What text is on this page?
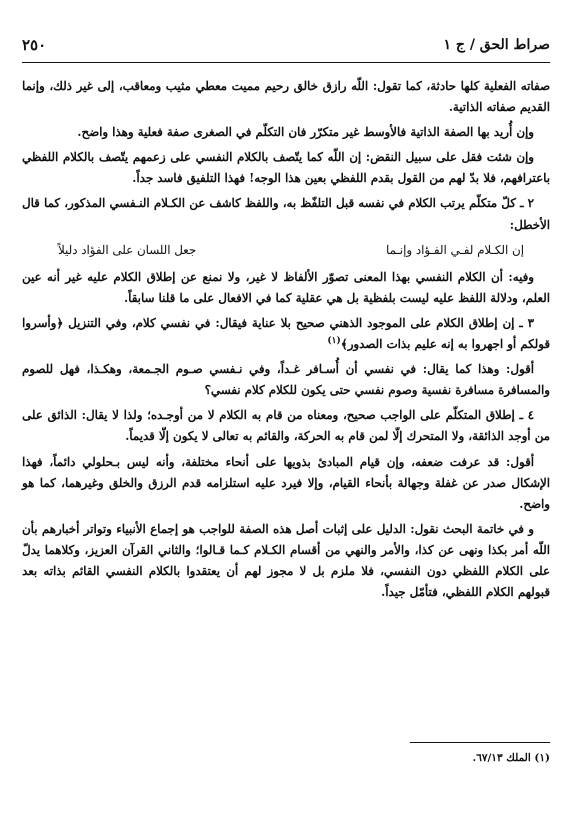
صراط الحق / ج ١
٢٥٠

صفاته الفعلية كلها حادثة، كما تقول: اللّه رازق خالق رحيم مميت معطي مثيب ومعاقب، إلى غير ذلك، وإنما القديم صفاته الذاتية.

وإن أُريد بها الصفة الذاتية فالأوسط غير متكرّر فان التكلّم في الصغرى صفة فعلية وهذا واضح.

وإن شئت فقل على سبيل النقض: إن اللّه كما يتّصف بالكلام النفسي على زعمهم يتّصف بالكلام اللفظي باعترافهم، فلا بدّ لهم من القول بقدم اللفظي بعين هذا الوجه! فهذا التلفيق فاسد جداً.

٢ ـ كلّ متكلّم يرتب الكلام في نفسه قبل التلفّظ به، واللفظ كاشف عن الكـلام النـفسي المذكور، كما قال الأخطل:

إن الكـلام لفـي الفـؤاد وإنـما
جعل اللسان على الفؤاد دليلاً

وفيه: أن الكلام النفسي بهذا المعنى تصوّر الألفاظ لا غير، ولا نمنع عن إطلاق الكلام عليه غير أنه عين العلم، ودلالة اللفظ عليه ليست بلفظية بل هي عقلية كما في الافعال على ما قلنا سابقاً.

٣ ـ إن إطلاق الكلام على الموجود الذهني صحيح بلا عناية فيقال: في نفسي كلام، وفي التنزيل ﴿وأسروا قولكم أو اجهروا به إنه عليم بذات الصدور﴾$^{(١)}$

أقول: وهذا كما يقال: في نفسي أن أُسـافر غـداً، وفي نـفسي صـوم الجـمعة، وهكـذا، فهل للصوم والمسافرة مسافرة نفسية وصوم نفسي حتى يكون للكلام كلام نفسي؟

٤ ـ إطلاق المتكلّم على الواجب صحيح، ومعناه من قام به الكلام لا من أوجـده؛ ولذا لا يقال: الذائق على من أوجد الذائقة، ولا المتحرك إلّا لمن قام به الحركة، والقائم به تعالى لا يكون إلّا قديماً.

أقول: قد عرفت ضعفه، وإن قيام المبادئ بذويها على أنحاء مختلفة، وأنه ليس بـحلولي دائماً، فهذا الإشكال صدر عن غفلة وجهالة بأنحاء القيام، وإلا فيرد عليه استلزامه قدم الرزق والخلق وغيرهما، كما هو واضح.

و في خاتمة البحث نقول: الدليل على إثبات أصل هذه الصفة للواجب هو إجماع الأنبياء وتواتر أخبارهم بأن اللّه أمر بكذا ونهى عن كذا، والأمر والنهي من أقسام الكـلام كـما قـالوا؛ والثاني القرآن العزيز، وكلاهما يدلّ على الكلام اللفظي دون النفسي، فلا ملزم بل لا مجوز لهم أن يعتقدوا بالكلام النفسي القائم بذاته بعد قبولهم الكلام اللفظي، فتأمّل جيداً.

(١) الملك ٦٧/١٣.
